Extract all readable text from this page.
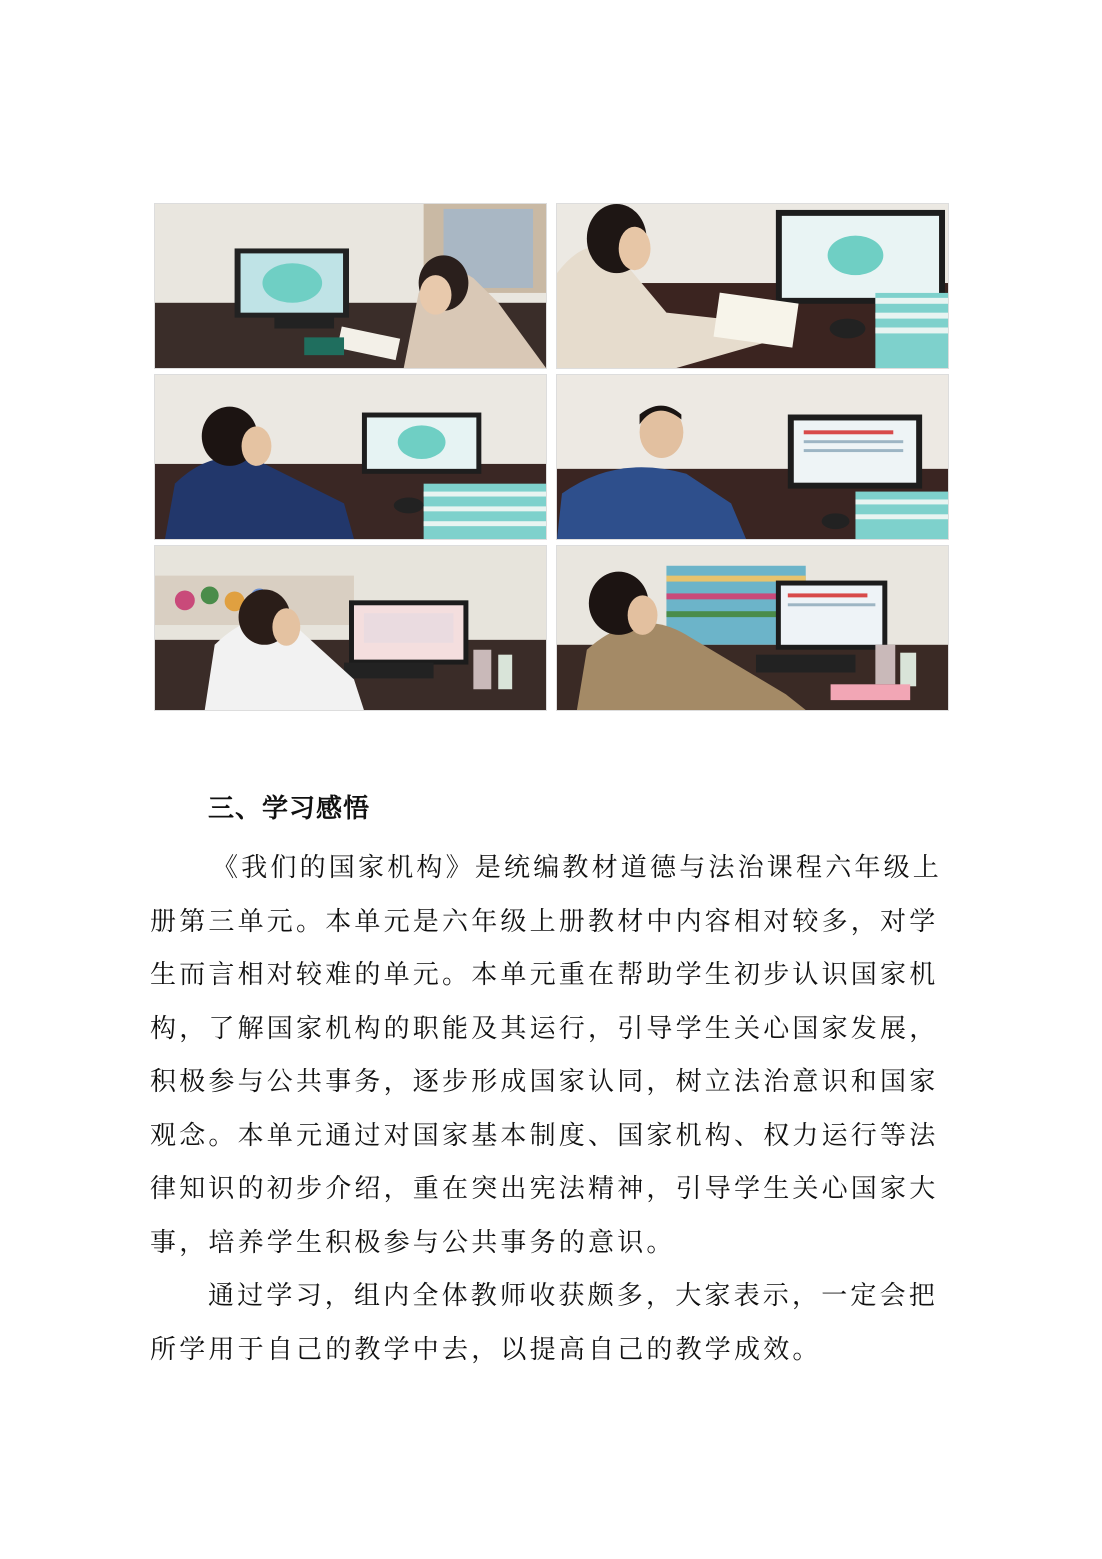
三、学习感悟

《我们的国家机构》是统编教材道德与法治课程六年级上
册第三单元。本单元是六年级上册教材中内容相对较多，对学
生而言相对较难的单元。本单元重在帮助学生初步认识国家机
构，了解国家机构的职能及其运行，引导学生关心国家发展，
积极参与公共事务，逐步形成国家认同，树立法治意识和国家
观念。本单元通过对国家基本制度、国家机构、权力运行等法
律知识的初步介绍，重在突出宪法精神，引导学生关心国家大
事，培养学生积极参与公共事务的意识。

通过学习，组内全体教师收获颇多，大家表示，一定会把
所学用于自己的教学中去，以提高自己的教学成效。
